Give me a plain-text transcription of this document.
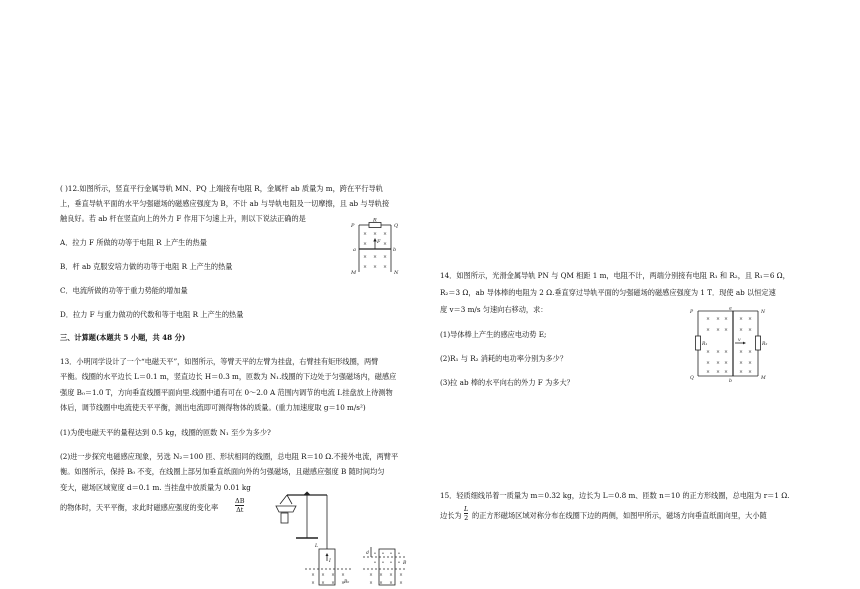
( )12.如图所示，竖直平行金属导轨 MN、PQ 上端接有电阻 R，金属杆 ab 质量为 m，跨在平行导轨
上，垂直导轨平面的水平匀强磁场的磁感应强度为 B，不计 ab 与导轨电阻及一切摩擦，且 ab 与导轨接
触良好。若 ab 杆在竖直向上的外力 F 作用下匀速上升，则以下说法正确的是
× × ×
×	×
× × ×
× × ×
R
P	Q
a	b
F
M	N
A．拉力 F 所做的功等于电阻 R 上产生的热量
B．杆 ab 克服安培力做的功等于电阻 R 上产生的热量
C．电流所做的功等于重力势能的增加量
D．拉力 F 与重力做功的代数和等于电阻 R 上产生的热量
三、计算题(本题共 5 小题，共 48 分)
13．小明同学设计了一个“电磁天平”，如图所示，等臂天平的左臂为挂盘，右臂挂有矩形线圈，两臂
平衡。线圈的水平边长 L＝0.1 m，竖直边长 H＝0.3 m，匝数为 N₁.线圈的下边处于匀强磁场内，磁感应
强度 B₀＝1.0 T，方向垂直线圈平面向里.线圈中通有可在 0～2.0 A 范围内调节的电流 I.挂盘放上待测物
体后，调节线圈中电流使天平平衡，测出电流即可测得物体的质量。(重力加速度取 g＝10 m/s²)
(1)为使电磁天平的量程达到 0.5 kg，线圈的匝数 N₁ 至少为多少?
(2)进一步探究电磁感应现象，另选 N₂＝100 匝、形状相同的线圈，总电阻 R＝10 Ω.不接外电流，两臂平
衡。如图所示，保持 B₀ 不变，在线圈上部另加垂直纸面向外的匀强磁场，且磁感应强度 B 随时间均匀
变大，磁场区域宽度 d＝0.1 m. 当挂盘中放质量为 0.01 kg
的物体时，天平平衡，求此时磁感应强度的变化率	$\frac{\Delta B}{\Delta t}$
× × × ×
× × × ×
• • • •
• • • •
× × × ×
× × × ×
L
I
B₀
d
B
14．如图所示，光滑金属导轨 PN 与 QM 相距 1 m，电阻不计，两端分别接有电阻 R₁ 和 R₂，且 R₁＝6 Ω，
R₂＝3 Ω，ab 导体棒的电阻为 2 Ω.垂直穿过导轨平面的匀强磁场的磁感应强度为 1 T．现使 ab 以恒定速
度 v＝3 m/s 匀速向右移动，求：
× × × × ×
× × × × ×
× × × × ×
× × × × ×
× × × × ×
P	N
Q	M
a
b
R₁	R₂
v
(1)导体棒上产生的感应电动势 E;
(2)R₁ 与 R₂ 消耗的电功率分别为多少？
(3)拉 ab 棒的水平向右的外力 F 为多大？
15．轻质细线吊着一质量为 m＝0.32 kg，边长为 L＝0.8 m、匝数 n＝10 的正方形线圈，总电阻为 r＝1 Ω.
边长为 $\frac{L}{2}$ 的正方形磁场区域对称分布在线圈下边的两侧，如图甲所示，磁场方向垂直纸面向里，大小随
